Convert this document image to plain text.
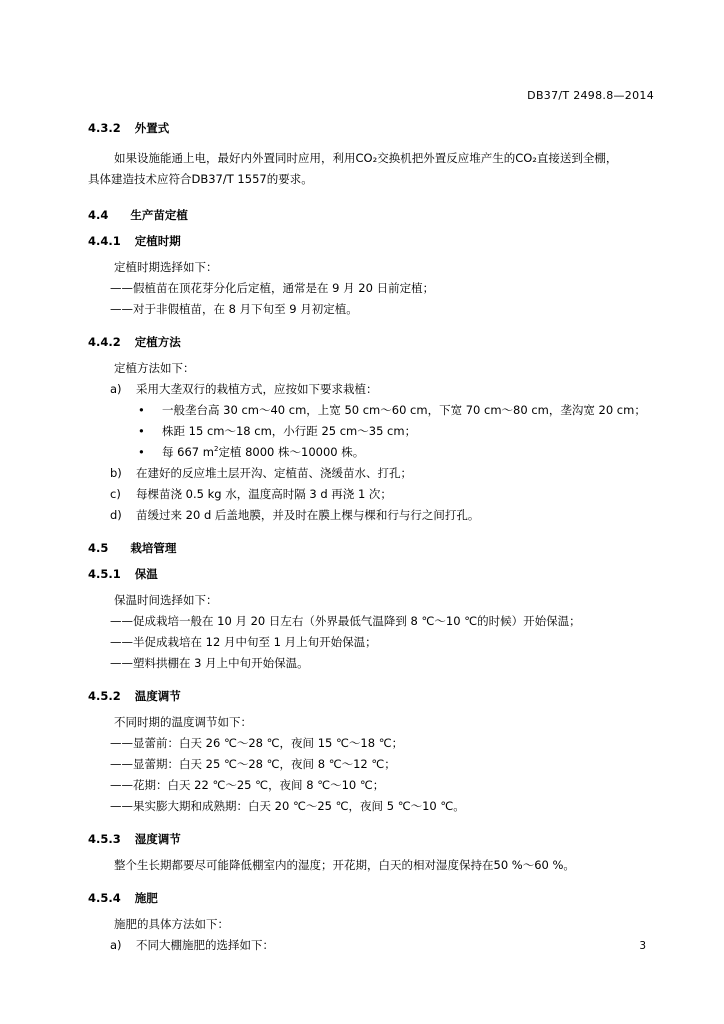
DB37/T 2498.8—2014
4.3.2 外置式
如果设施能通上电，最好内外置同时应用，利用CO₂交换机把外置反应堆产生的CO₂直接送到全棚，
具体建造技术应符合DB37/T 1557的要求。
4.4 生产苗定植
4.4.1 定植时期
定植时期选择如下：
——假植苗在顶花芽分化后定植，通常是在 9 月 20 日前定植；
——对于非假植苗，在 8 月下旬至 9 月初定植。
4.4.2 定植方法
定植方法如下：
a)	采用大垄双行的栽植方式，应按如下要求栽植：
•	一般垄台高 30 cm～40 cm，上宽 50 cm～60 cm，下宽 70 cm～80 cm，垄沟宽 20 cm；
•	株距 15 cm～18 cm，小行距 25 cm～35 cm；
•	每 667 $m^2$定植 8000 株～10000 株。
b)	在建好的反应堆土层开沟、定植苗、浇缓苗水、打孔；
c)	每棵苗浇 0.5 kg 水，温度高时隔 3 d 再浇 1 次；
d)	苗缓过来 20 d 后盖地膜，并及时在膜上棵与棵和行与行之间打孔。
4.5 栽培管理
4.5.1 保温
保温时间选择如下：
——促成栽培一般在 10 月 20 日左右（外界最低气温降到 8 ℃～10 ℃的时候）开始保温；
——半促成栽培在 12 月中旬至 1 月上旬开始保温；
——塑料拱棚在 3 月上中旬开始保温。
4.5.2 温度调节
不同时期的温度调节如下：
——显蕾前：白天 26 ℃～28 ℃，夜间 15 ℃～18 ℃；
——显蕾期：白天 25 ℃～28 ℃，夜间 8 ℃～12 ℃；
——花期：白天 22 ℃～25 ℃，夜间 8 ℃～10 ℃；
——果实膨大期和成熟期：白天 20 ℃～25 ℃，夜间 5 ℃～10 ℃。
4.5.3 湿度调节
整个生长期都要尽可能降低棚室内的湿度；开花期，白天的相对湿度保持在50 %～60 %。
4.5.4 施肥
施肥的具体方法如下：
a)	不同大棚施肥的选择如下：	3
